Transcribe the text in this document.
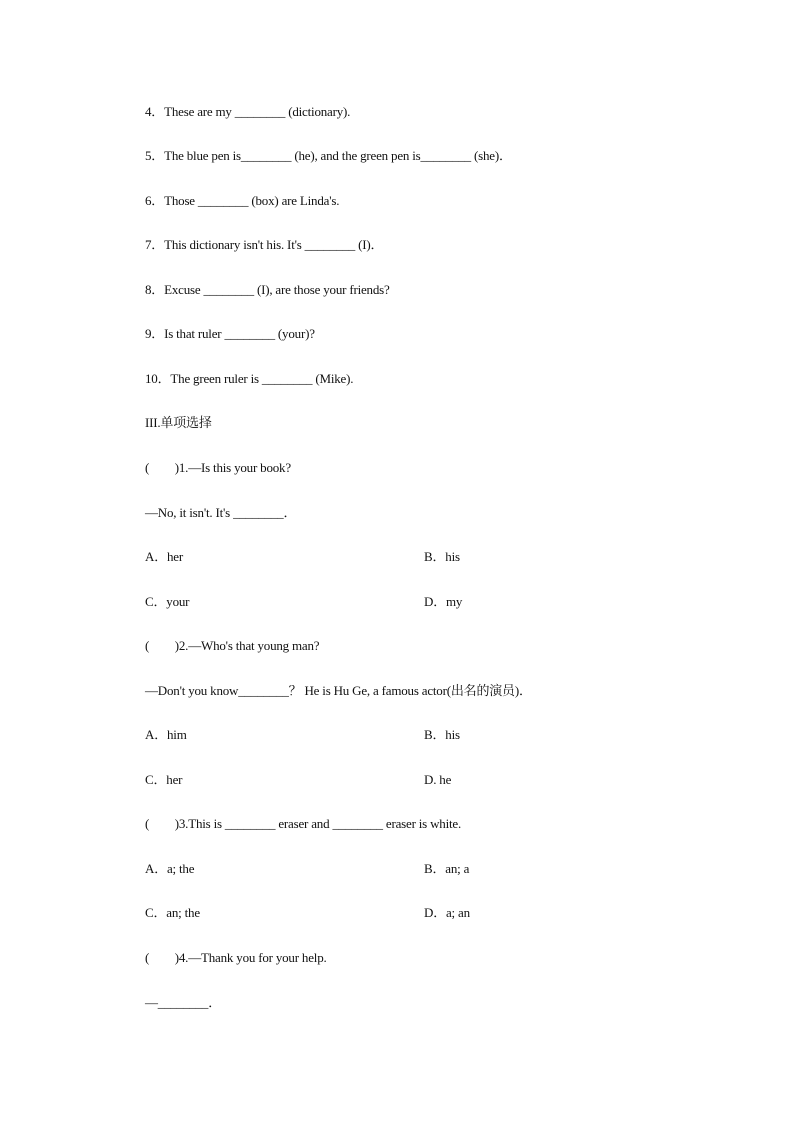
4．These are my ________ (dictionary).
5．The blue pen is________ (he), and the green pen is________ (she)．
6．Those ________ (box) are Linda's.
7．This dictionary isn't his. It's ________ (I)．
8．Excuse ________ (I), are those your friends?
9．Is that ruler ________ (your)?
10．The green ruler is ________ (Mike).
III.单项选择
(　　)1.—Is this your book?
—No, it isn't. It's ________．
A．her	B．his
C．your	D．my
(　　)2.—Who's that young man?
—Don't you know________？ He is Hu Ge, a famous actor(出名的演员)．
A．him	B．his
C．her	D. he
(　　)3.This is ________ eraser and ________ eraser is white.
A．a; the	B．an; a
C．an; the	D．a; an
(　　)4.—Thank you for your help.
—________．
